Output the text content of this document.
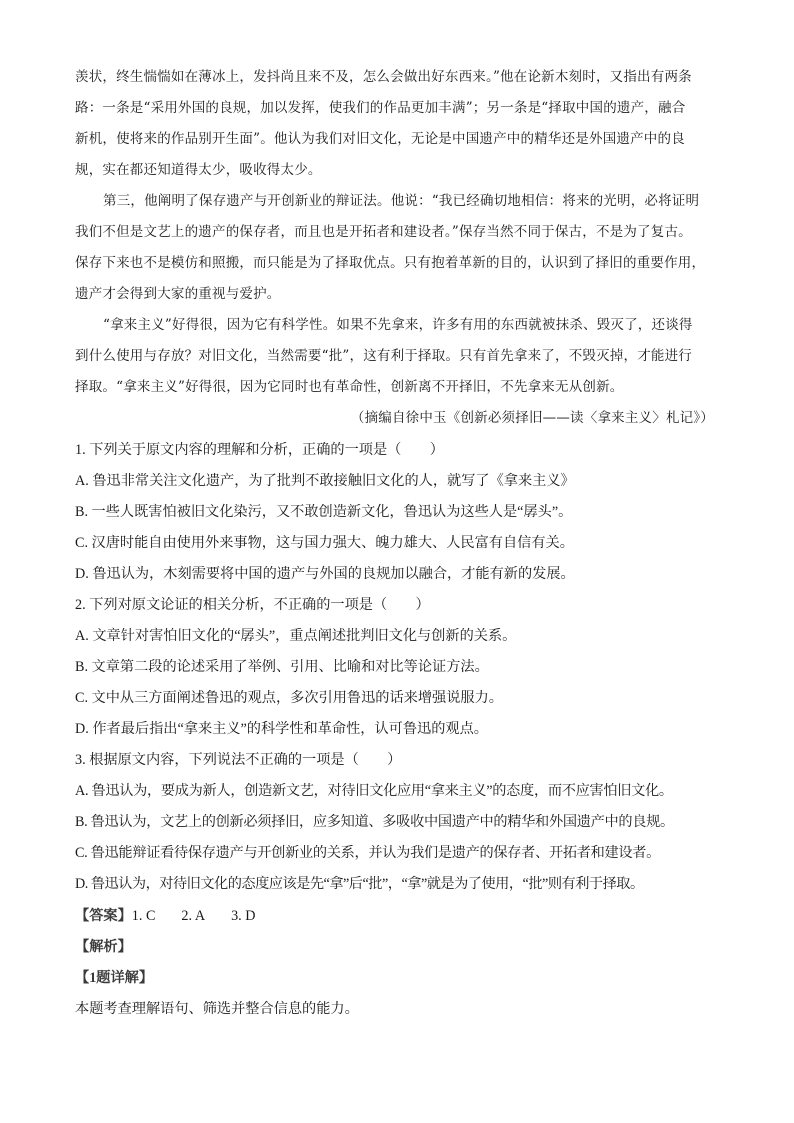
羡状，终生惴惴如在薄冰上，发抖尚且来不及，怎么会做出好东西来。”他在论新木刻时，又指出有两条
路：一条是“采用外国的良规，加以发挥，使我们的作品更加丰满”；另一条是“择取中国的遗产，融合
新机，使将来的作品别开生面”。他认为我们对旧文化，无论是中国遗产中的精华还是外国遗产中的良
规，实在都还知道得太少，吸收得太少。
第三，他阐明了保存遗产与开创新业的辩证法。他说：“我已经确切地相信：将来的光明，必将证明
我们不但是文艺上的遗产的保存者，而且也是开拓者和建设者。”保存当然不同于保古，不是为了复古。
保存下来也不是模仿和照搬，而只能是为了择取优点。只有抱着革新的目的，认识到了择旧的重要作用，
遗产才会得到大家的重视与爱护。
“拿来主义”好得很，因为它有科学性。如果不先拿来，许多有用的东西就被抹杀、毁灭了，还谈得
到什么使用与存放？对旧文化，当然需要“批”，这有利于择取。只有首先拿来了，不毁灭掉，才能进行
择取。“拿来主义”好得很，因为它同时也有革命性，创新离不开择旧，不先拿来无从创新。
（摘编自徐中玉《创新必须择旧——读〈拿来主义〉札记》）
1. 下列关于原文内容的理解和分析，正确的一项是（　　）
A. 鲁迅非常关注文化遗产，为了批判不敢接触旧文化的人，就写了《拿来主义》
B. 一些人既害怕被旧文化染污，又不敢创造新文化，鲁迅认为这些人是“孱头”。
C. 汉唐时能自由使用外来事物，这与国力强大、魄力雄大、人民富有自信有关。
D. 鲁迅认为，木刻需要将中国的遗产与外国的良规加以融合，才能有新的发展。
2. 下列对原文论证的相关分析，不正确的一项是（　　）
A. 文章针对害怕旧文化的“孱头”，重点阐述批判旧文化与创新的关系。
B. 文章第二段的论述采用了举例、引用、比喻和对比等论证方法。
C. 文中从三方面阐述鲁迅的观点，多次引用鲁迅的话来增强说服力。
D. 作者最后指出“拿来主义”的科学性和革命性，认可鲁迅的观点。
3. 根据原文内容，下列说法不正确的一项是（　　）
A. 鲁迅认为，要成为新人，创造新文艺，对待旧文化应用“拿来主义”的态度，而不应害怕旧文化。
B. 鲁迅认为，文艺上的创新必须择旧，应多知道、多吸收中国遗产中的精华和外国遗产中的良规。
C. 鲁迅能辩证看待保存遗产与开创新业的关系，并认为我们是遗产的保存者、开拓者和建设者。
D. 鲁迅认为，对待旧文化的态度应该是先“拿”后“批”，“拿”就是为了使用，“批”则有利于择取。
【答案】1. C 2. A 3. D
【解析】
【1题详解】
本题考查理解语句、筛选并整合信息的能力。
